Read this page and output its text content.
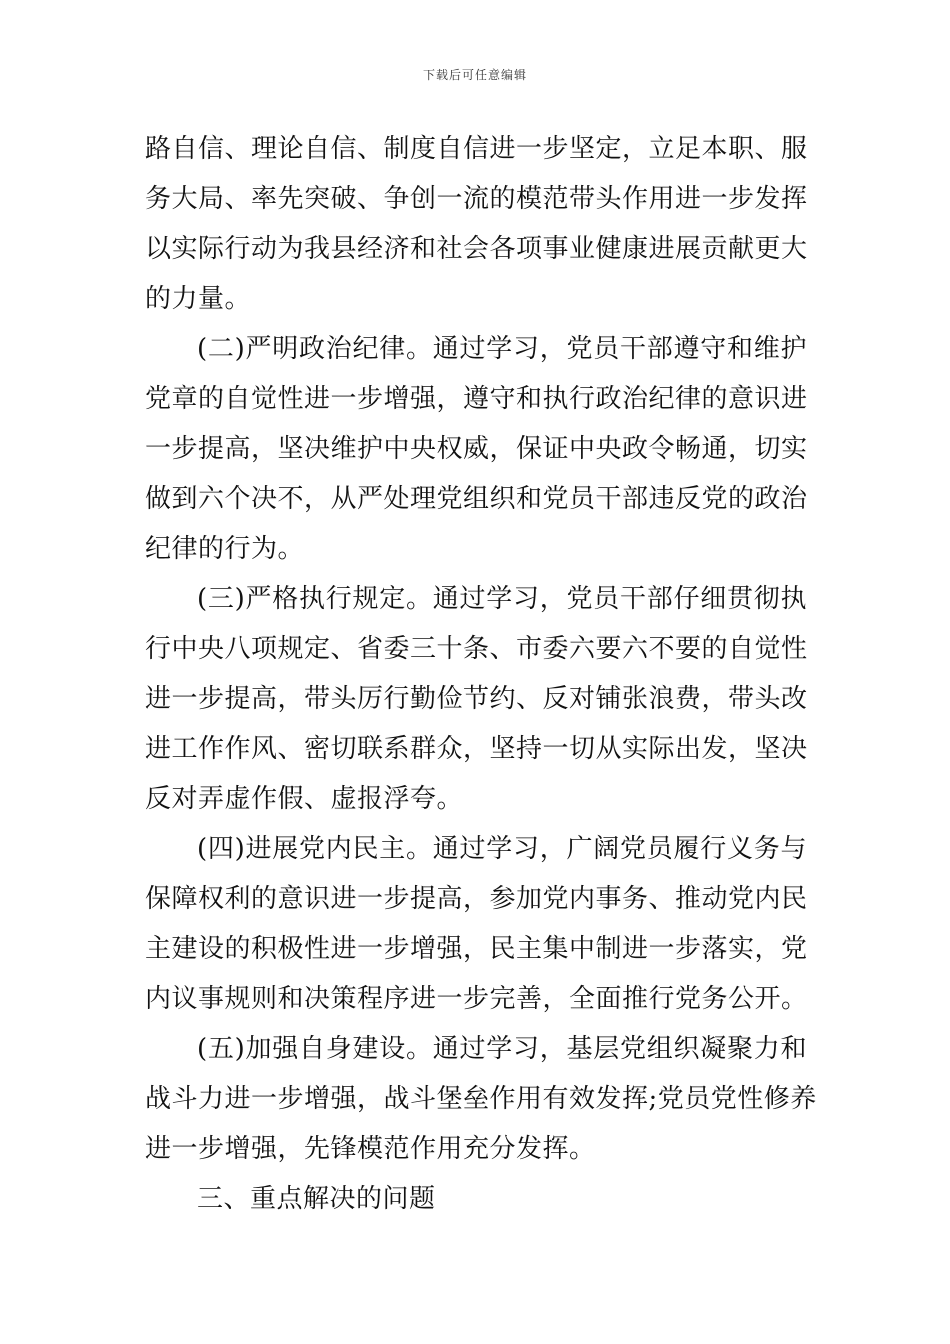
下载后可任意编辑
路自信、理论自信、制度自信进一步坚定，立足本职、服
务大局、率先突破、争创一流的模范带头作用进一步发挥
以实际行动为我县经济和社会各项事业健康进展贡献更大
的力量。
(二)严明政治纪律。通过学习，党员干部遵守和维护
党章的自觉性进一步增强，遵守和执行政治纪律的意识进
一步提高，坚决维护中央权威，保证中央政令畅通，切实
做到六个决不，从严处理党组织和党员干部违反党的政治
纪律的行为。
(三)严格执行规定。通过学习，党员干部仔细贯彻执
行中央八项规定、省委三十条、市委六要六不要的自觉性
进一步提高，带头厉行勤俭节约、反对铺张浪费，带头改
进工作作风、密切联系群众，坚持一切从实际出发，坚决
反对弄虚作假、虚报浮夸。
(四)进展党内民主。通过学习，广阔党员履行义务与
保障权利的意识进一步提高，参加党内事务、推动党内民
主建设的积极性进一步增强，民主集中制进一步落实，党
内议事规则和决策程序进一步完善，全面推行党务公开。
(五)加强自身建设。通过学习，基层党组织凝聚力和
战斗力进一步增强，战斗堡垒作用有效发挥;党员党性修养
进一步增强，先锋模范作用充分发挥。
三、重点解决的问题
